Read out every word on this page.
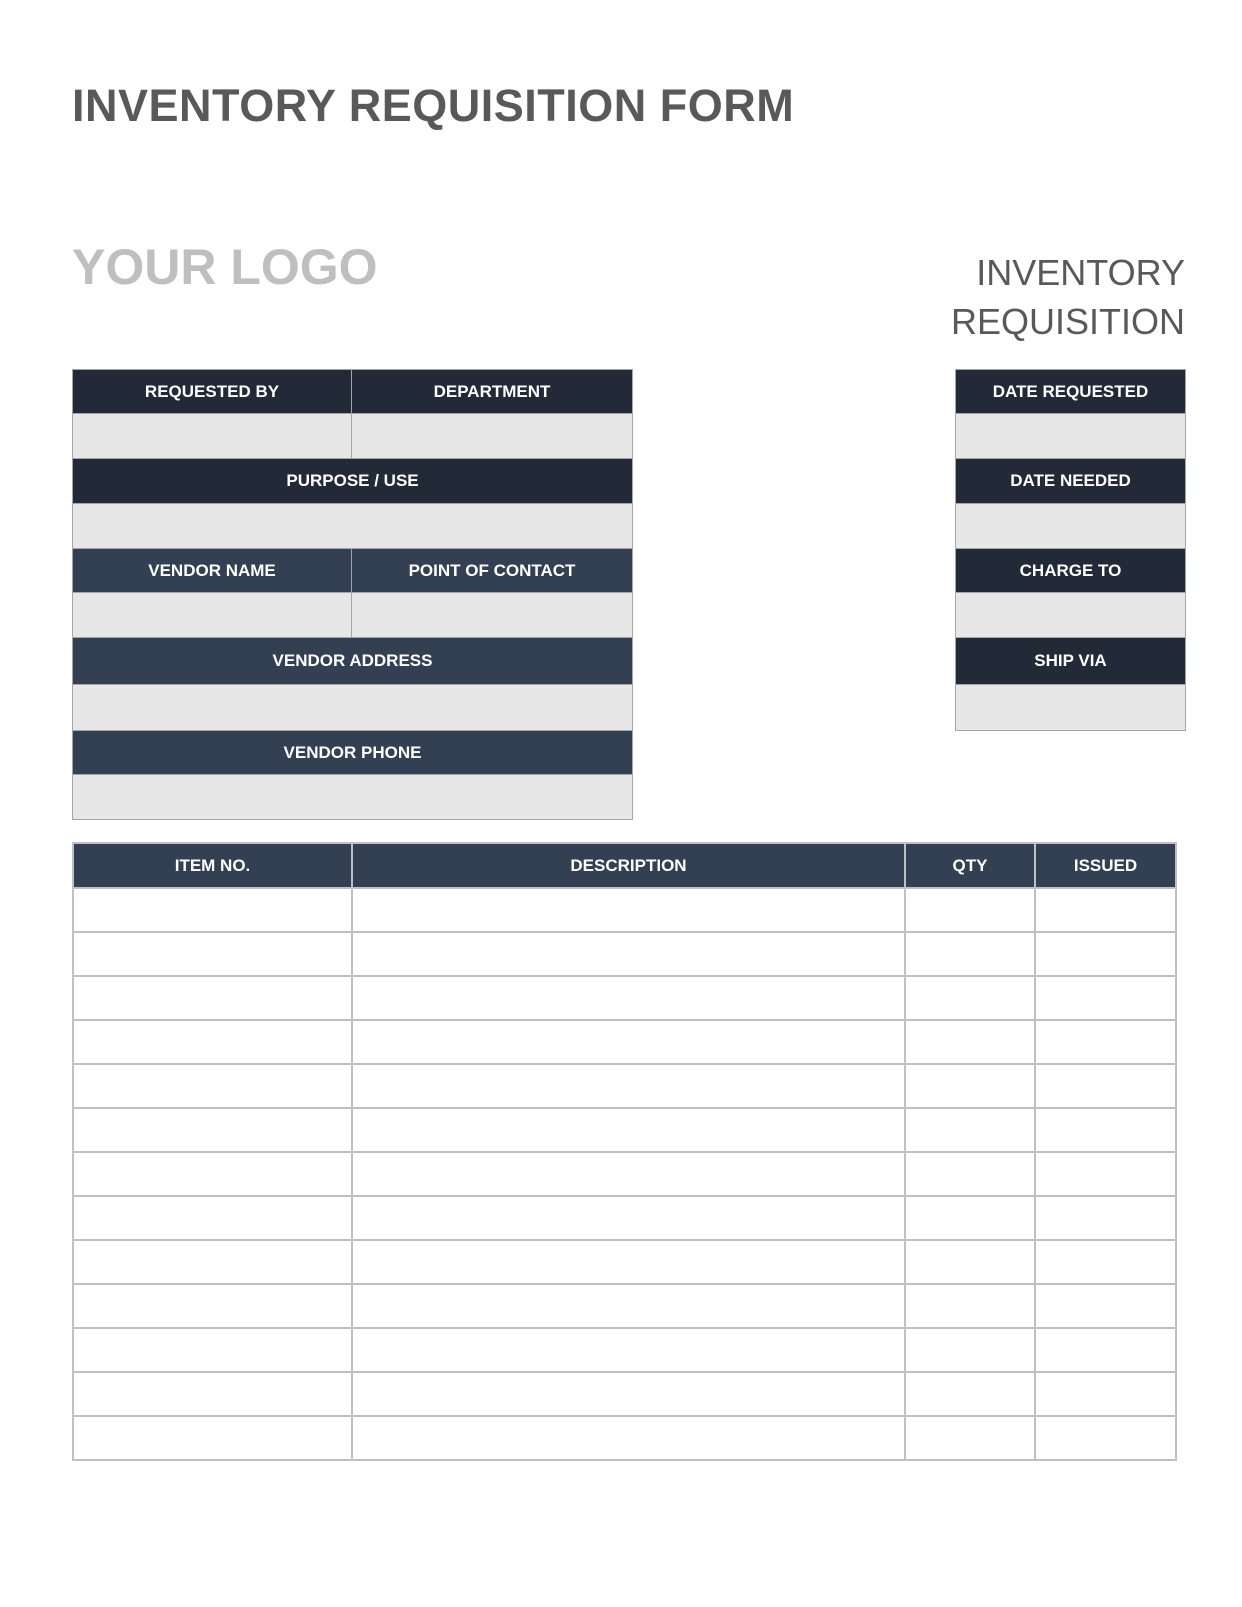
INVENTORY REQUISITION FORM
YOUR LOGO	INVENTORY
REQUISITION
REQUESTED BY	DEPARTMENT
PURPOSE / USE
VENDOR NAME	POINT OF CONTACT
VENDOR ADDRESS
VENDOR PHONE
DATE REQUESTED
DATE NEEDED
CHARGE TO
SHIP VIA
ITEM NO.	DESCRIPTION	QTY	ISSUED
